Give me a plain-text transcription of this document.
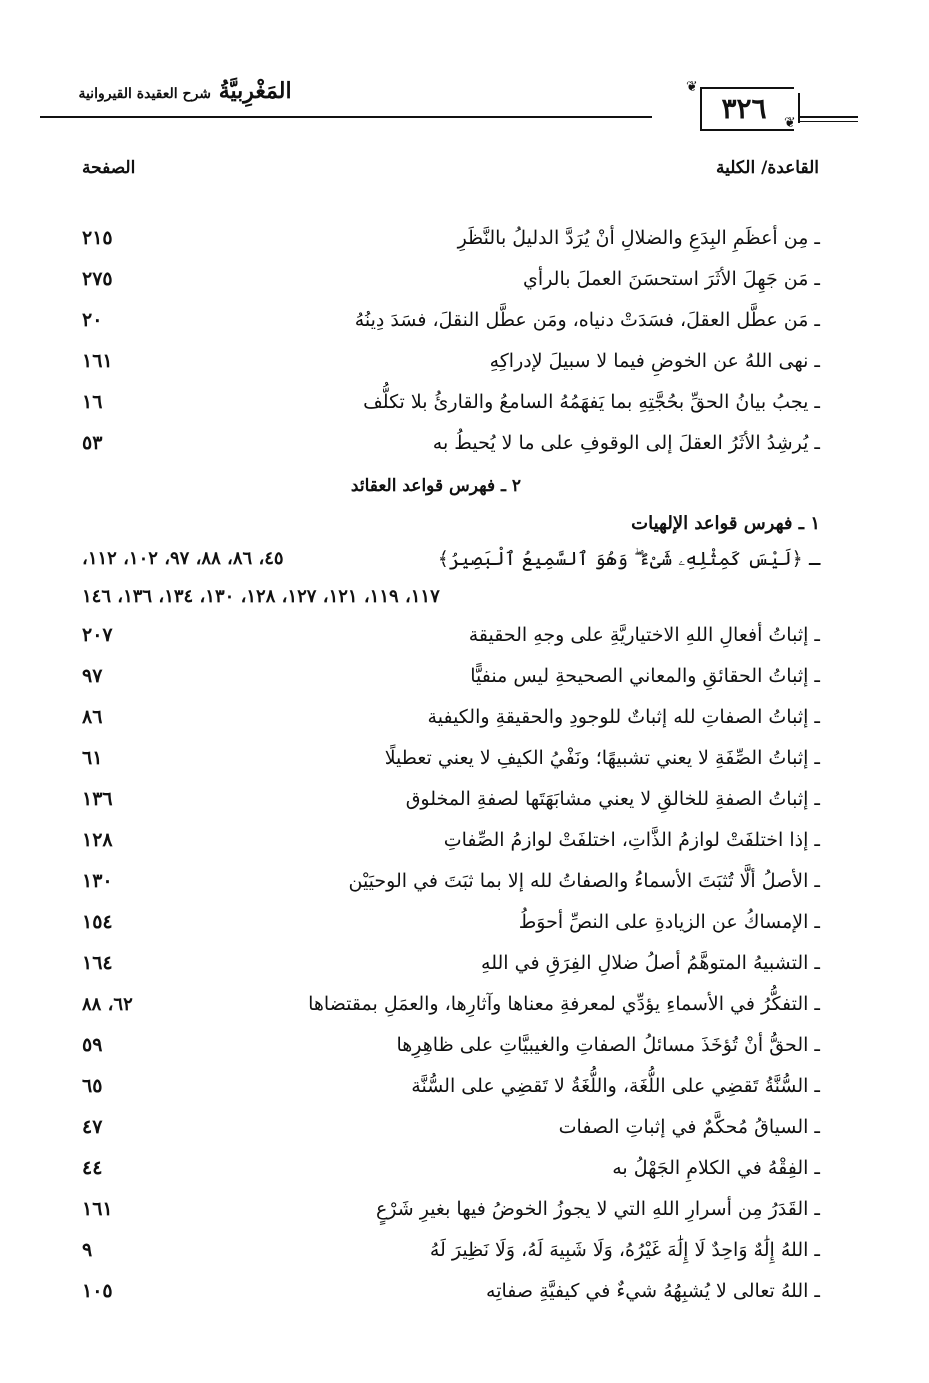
المَغْرِبيَّةُ شرح العقيدة القيروانية	❦
٣٢٦	❦
القاعدة/ الكلية
الصفحة
ـ مِن أعظَمِ البِدَعِ والضلالِ أنْ يُرَدَّ الدليلُ بالنَّظَرِ
٢١٥
ـ مَن جَهِلَ الأثَرَ استحسَنَ العملَ بالرأي
٢٧٥
ـ مَن عطَّل العقلَ، فسَدَتْ دنياه، ومَن عطَّل النقلَ، فسَدَ دِينُهُ
٢٠
ـ نهى اللهُ عن الخوضِ فيما لا سبيلَ لإدراكِهِ
١٦١
ـ يجبُ بيانُ الحقِّ بحُجَّتِهِ بما يَفهَمُهُ السامعُ والقارئُ بلا تكلُّف
١٦
ـ يُرشِدُ الأثَرُ العقلَ إلى الوقوفِ على ما لا يُحيطُ به
٥٣
٢ ـ فهرس قواعد العقائد
١ ـ فهرس قواعد الإلهيات
ـ ﴿لَيْسَ كَمِثْلِهِۦ شَىْءٌ ۖ وَهُوَ ٱلسَّمِيعُ ٱلْبَصِيرُ﴾
٤٥، ٨٦، ٨٨، ٩٧، ١٠٢، ١١٢،
١١٧، ١١٩، ١٢١، ١٢٧، ١٢٨، ١٣٠، ١٣٤، ١٣٦، ١٤٦
ـ إثباتُ أفعالِ اللهِ الاختياريَّةِ على وجهِ الحقيقة
٢٠٧
ـ إثباتُ الحقائقِ والمعاني الصحيحةِ ليس منفيًّا
٩٧
ـ إثباتُ الصفاتِ لله إثباتٌ للوجودِ والحقيقةِ والكيفية
٨٦
ـ إثباتُ الصِّفَةِ لا يعني تشبيهًا؛ ونَفْيُ الكيفِ لا يعني تعطيلًا
٦١
ـ إثباتُ الصفةِ للخالقِ لا يعني مشابَهَتَها لصفةِ المخلوق
١٣٦
ـ إذا اختلفَتْ لوازمُ الذَّاتِ، اختلفَتْ لوازمُ الصِّفاتِ
١٢٨
ـ الأصلُ ألَّا تُثبَتَ الأسماءُ والصفاتُ لله إلا بما ثبَتَ في الوحيَيْن
١٣٠
ـ الإمساكُ عن الزيادةِ على النصِّ أحوَطُ
١٥٤
ـ التشبيهُ المتوهَّمُ أصلُ ضلالِ الفِرَقِ في اللهِ
١٦٤
ـ التفكُّرُ في الأسماءِ يؤدِّي لمعرفةِ معناها وآثارِها، والعمَلِ بمقتضاها
٦٢، ٨٨
ـ الحقُّ أنْ تُؤخَذَ مسائلُ الصفاتِ والغيبيَّاتِ على ظاهِرِها
٥٩
ـ السُّنَّةُ تَقضِي على اللُّغَة، واللُّغَةُ لا تَقضِي على السُّنَّة
٦٥
ـ السياقُ مُحكَّمٌ في إثباتِ الصفات
٤٧
ـ الفِقْهُ في الكلامِ الجَهْلُ به
٤٤
ـ القَدَرُ مِن أسرارِ اللهِ التي لا يجوزُ الخوضُ فيها بغيرِ شَرْعٍ
١٦١
ـ اللهُ إِلَٰهٌ وَاحِدٌ لَا إِلَٰهَ غَيْرُهُ، وَلَا شَبِيهَ لَهُ، وَلَا نَظِيرَ لَهُ
٩
ـ اللهُ تعالى لا يُشبِهُهُ شيءٌ في كيفيَّةِ صفاتِه
١٠٥
